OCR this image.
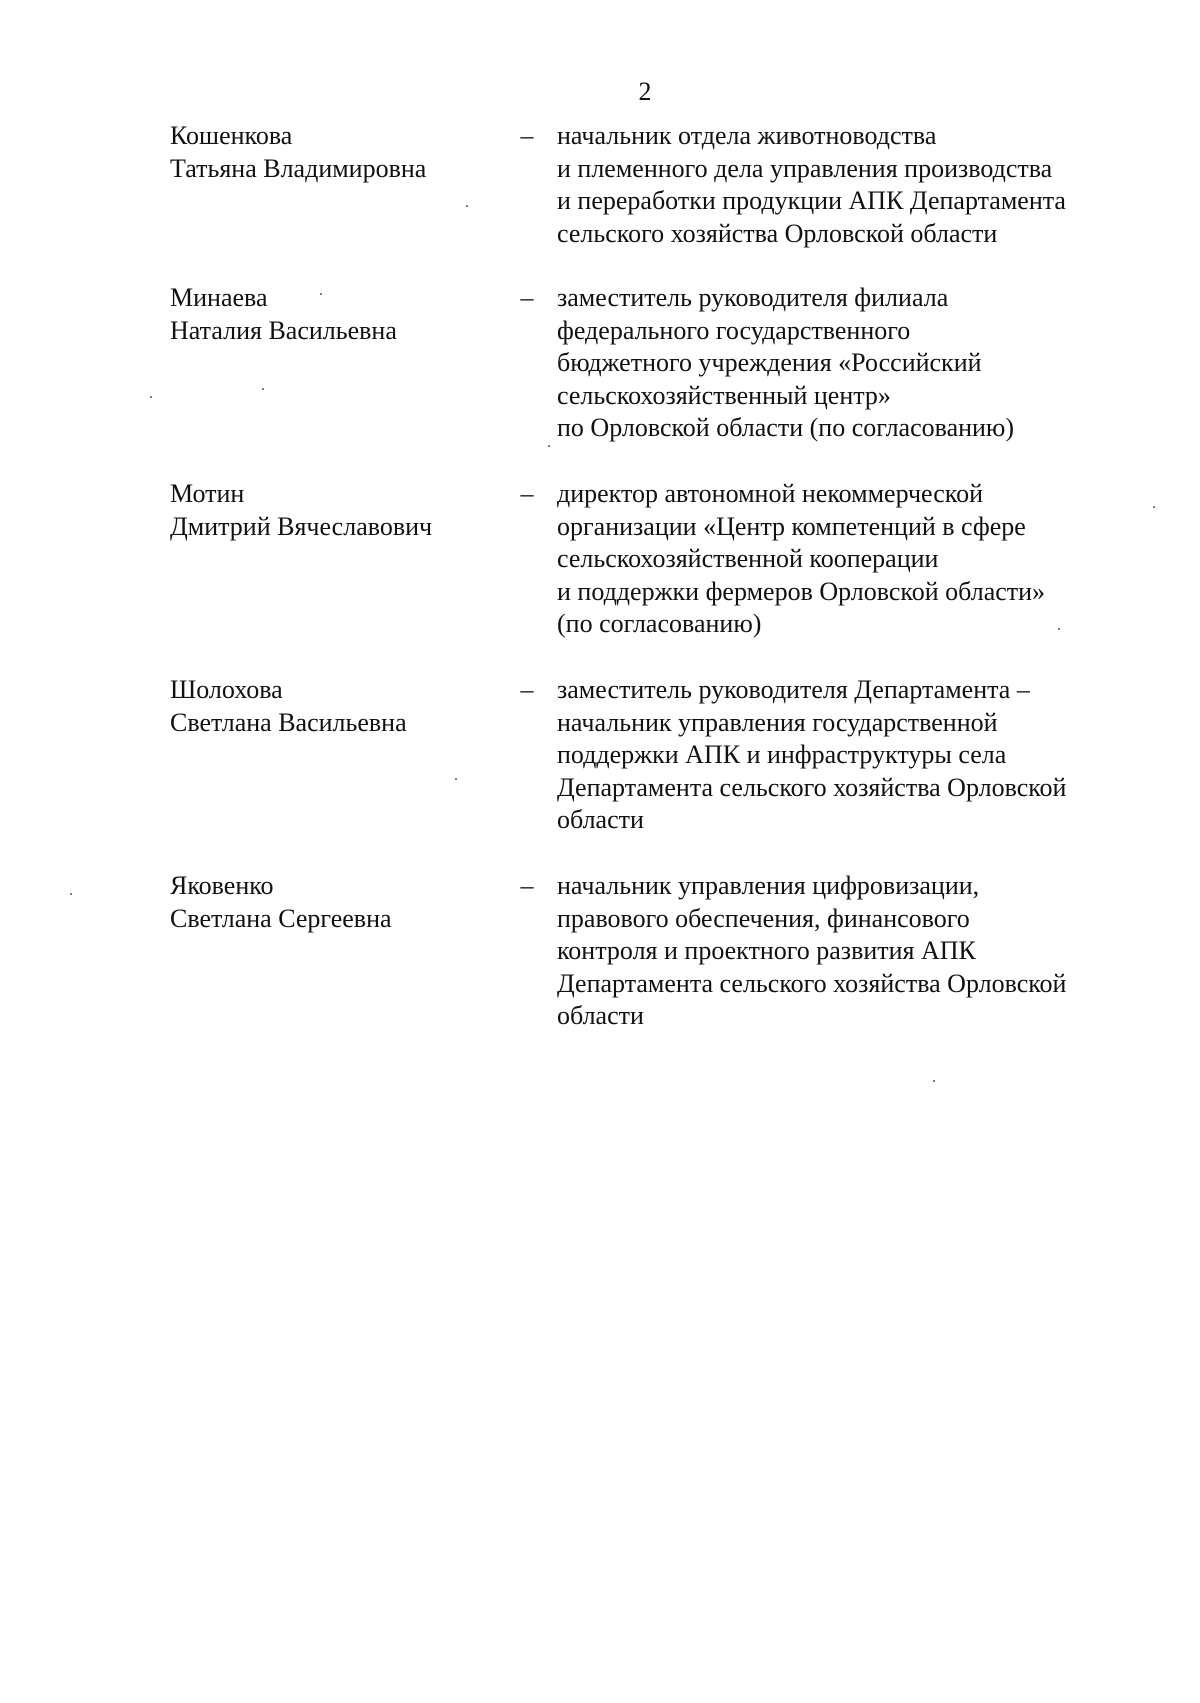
2
Кошенкова
Татьяна Владимировна
– начальник отдела животноводства
и племенного дела управления производства
и переработки продукции АПК Департамента
сельского хозяйства Орловской области
Минаева
Наталия Васильевна
– заместитель руководителя филиала
федерального государственного
бюджетного учреждения «Российский
сельскохозяйственный центр»
по Орловской области (по согласованию)
Мотин
Дмитрий Вячеславович
– директор автономной некоммерческой
организации «Центр компетенций в сфере
сельскохозяйственной кооперации
и поддержки фермеров Орловской области»
(по согласованию)
Шолохова
Светлана Васильевна
– заместитель руководителя Департамента –
начальник управления государственной
поддержки АПК и инфраструктуры села
Департамента сельского хозяйства Орловской
области
Яковенко
Светлана Сергеевна
– начальник управления цифровизации,
правового обеспечения, финансового
контроля и проектного развития АПК
Департамента сельского хозяйства Орловской
области
